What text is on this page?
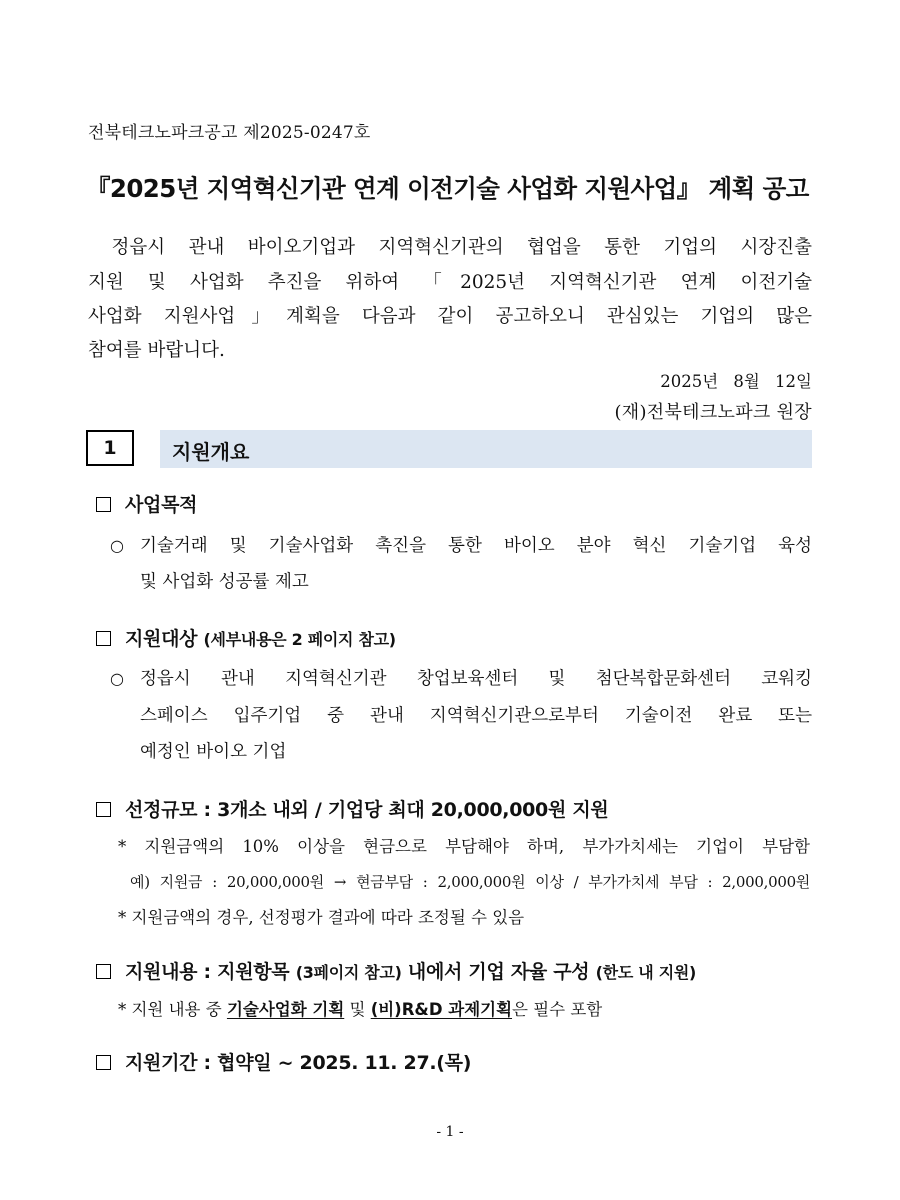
전북테크노파크공고 제2025-0247호
『2025년 지역혁신기관 연계 이전기술 사업화 지원사업』 계획 공고
정읍시 관내 바이오기업과 지역혁신기관의 협업을 통한 기업의 시장진출
지원 및 사업화 추진을 위하여 「2025년 지역혁신기관 연계 이전기술
사업화 지원사업」계획을 다음과 같이 공고하오니 관심있는 기업의 많은
참여를 바랍니다.
2025년 8월 12일
(재)전북테크노파크 원장
1	지원개요
사업목적
○ 기술거래 및 기술사업화 촉진을 통한 바이오 분야 혁신 기술기업 육성
및 사업화 성공률 제고
지원대상 (세부내용은 2 페이지 참고)
○ 정읍시 관내 지역혁신기관 창업보육센터 및 첨단복합문화센터 코워킹
스페이스 입주기업 중 관내 지역혁신기관으로부터 기술이전 완료 또는
예정인 바이오 기업
선정규모 : 3개소 내외 / 기업당 최대 20,000,000원 지원
* 지원금액의 10% 이상을 현금으로 부담해야 하며, 부가가치세는 기업이 부담함
예) 지원금 : 20,000,000원 → 현금부담 : 2,000,000원 이상 / 부가가치세 부담 : 2,000,000원
* 지원금액의 경우, 선정평가 결과에 따라 조정될 수 있음
지원내용 : 지원항목 (3페이지 참고) 내에서 기업 자율 구성 (한도 내 지원)
* 지원 내용 중 기술사업화 기획 및 (비)R&D 과제기획은 필수 포함
지원기간 : 협약일 ~ 2025. 11. 27.(목)
- 1 -
